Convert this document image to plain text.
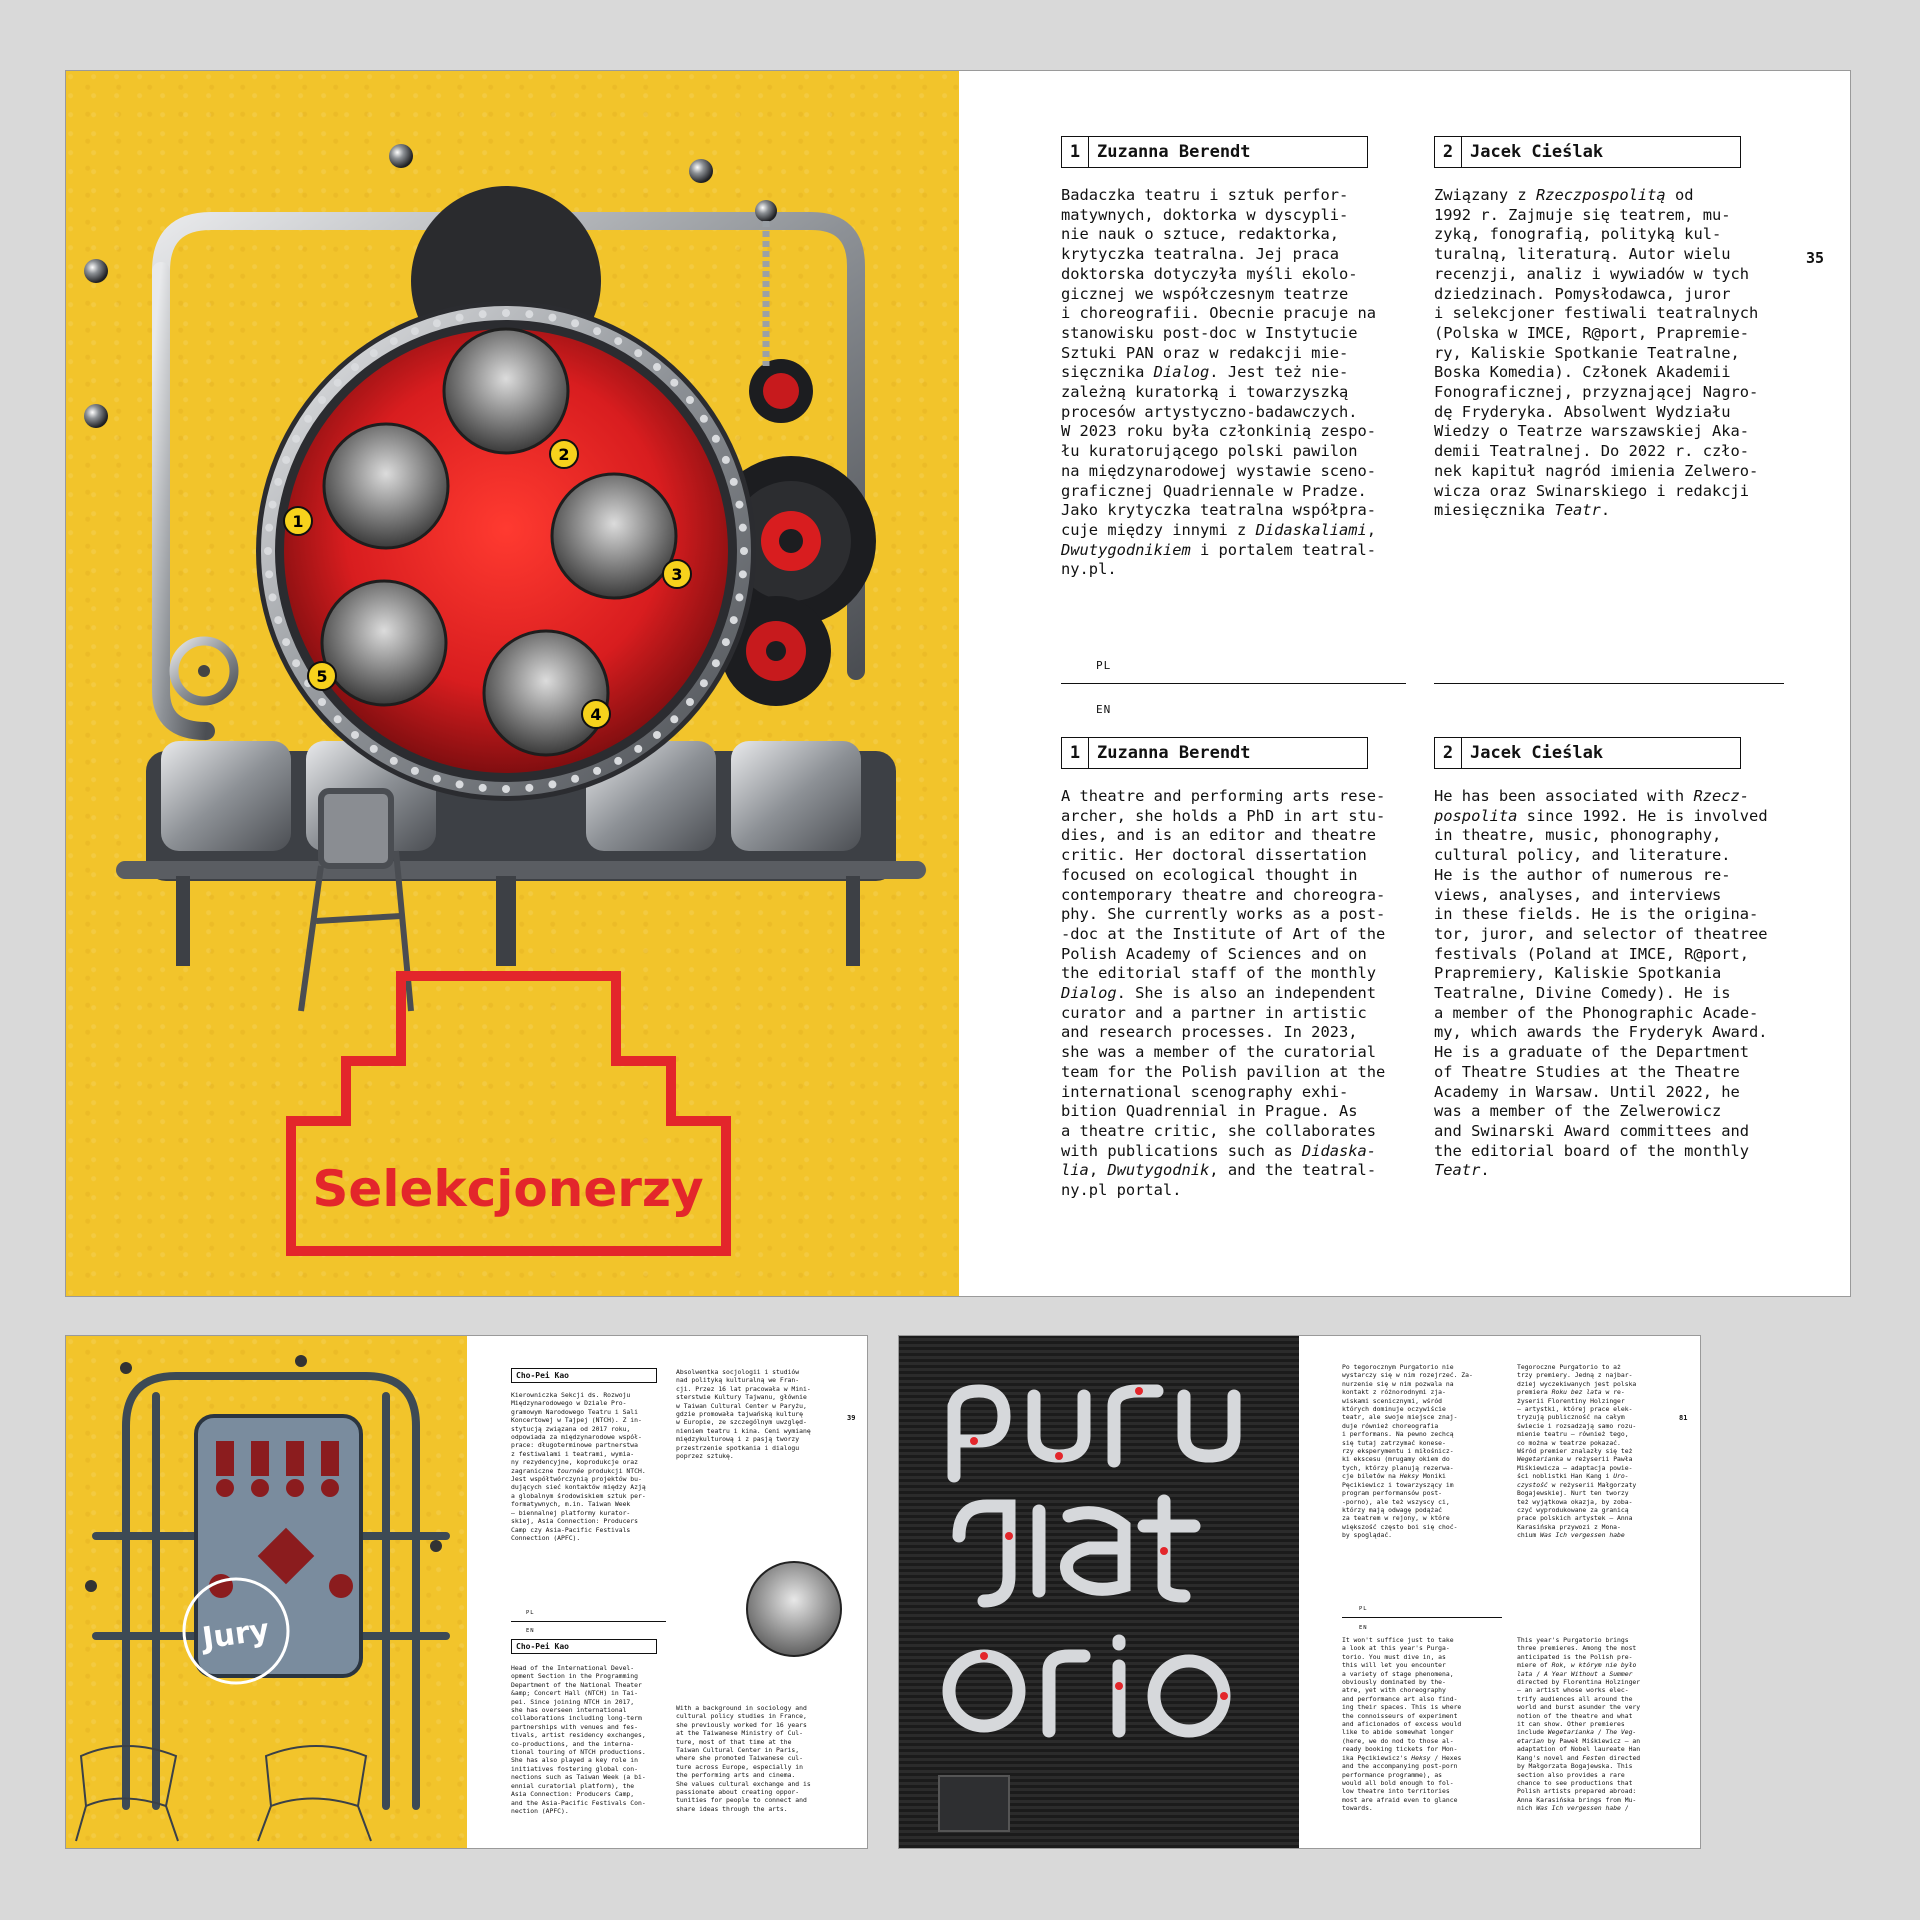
1
2
3
4
5
Selekcjonerzy
35
1 Zuzanna Berendt	2 Jacek Cieślak
Badaczka teatru i sztuk perfor-
matywnych, doktorka w dyscypli-
nie nauk o sztuce, redaktorka,
krytyczka teatralna. Jej praca
doktorska dotyczyła myśli ekolo-
gicznej we współczesnym teatrze
i choreografii. Obecnie pracuje na
stanowisku post-doc w Instytucie
Sztuki PAN oraz w redakcji mie-
sięcznika Dialog. Jest też nie-
zależną kuratorką i towarzyszką
procesów artystyczno-badawczych.
W 2023 roku była członkinią zespo-
łu kuratorującego polski pawilon
na międzynarodowej wystawie sceno-
graficznej Quadriennale w Pradze.
Jako krytyczka teatralna współpra-
cuje między innymi z Didaskaliami,
Dwutygodnikiem i portalem teatral-
ny.pl.
Związany z Rzeczpospolitą od
1992 r. Zajmuje się teatrem, mu-
zyką, fonografią, polityką kul-
turalną, literaturą. Autor wielu
recenzji, analiz i wywiadów w tych
dziedzinach. Pomysłodawca, juror
i selekcjoner festiwali teatralnych
(Polska w IMCE, R@port, Prapremie-
ry, Kaliskie Spotkanie Teatralne,
Boska Komedia). Członek Akademii
Fonograficznej, przyznającej Nagro-
dę Fryderyka. Absolwent Wydziału
Wiedzy o Teatrze warszawskiej Aka-
demii Teatralnej. Do 2022 r. czło-
nek kapituł nagród imienia Zelwero-
wicza oraz Swinarskiego i redakcji
miesięcznika Teatr.
PL
EN
1 Zuzanna Berendt	2 Jacek Cieślak
A theatre and performing arts rese-
archer, she holds a PhD in art stu-
dies, and is an editor and theatre
critic. Her doctoral dissertation
focused on ecological thought in
contemporary theatre and choreogra-
phy. She currently works as a post-
-doc at the Institute of Art of the
Polish Academy of Sciences and on
the editorial staff of the monthly
Dialog. She is also an independent
curator and a partner in artistic
and research processes. In 2023,
she was a member of the curatorial
team for the Polish pavilion at the
international scenography exhi-
bition Quadrennial in Prague. As
a theatre critic, she collaborates
with publications such as Didaska-
lia, Dwutygodnik, and the teatral-
ny.pl portal.
He has been associated with Rzecz-
pospolita since 1992. He is involved
in theatre, music, phonography,
cultural policy, and literature.
He is the author of numerous re-
views, analyses, and interviews
in these fields. He is the origina-
tor, juror, and selector of theatree
festivals (Poland at IMCE, R@port,
Prapremiery, Kaliskie Spotkania
Teatralne, Divine Comedy). He is
a member of the Phonographic Acade-
my, which awards the Fryderyk Award.
He is a graduate of the Department
of Theatre Studies at the Theatre
Academy in Warsaw. Until 2022, he
was a member of the Zelwerowicz
and Swinarski Award committees and
the editorial board of the monthly
Teatr.
Jury
39
Cho-Pei Kao
Kierowniczka Sekcji ds. Rozwoju
Międzynarodowego w Dziale Pro-
gramowym Narodowego Teatru i Sali
Koncertowej w Tajpej (NTCH). Z in-
stytucją związana od 2017 roku,
odpowiada za międzynarodowe współ-
prace: długoterminowe partnerstwa
z festiwalami i teatrami, wymia-
ny rezydencyjne, koprodukcje oraz
zagraniczne tournée produkcji NTCH.
Jest współtwórczynią projektów bu-
dujących sieć kontaktów między Azją
a globalnym środowiskiem sztuk per-
formatywnych, m.in. Taiwan Week
– biennalnej platformy kurator-
skiej, Asia Connection: Producers
Camp czy Asia-Pacific Festivals
Connection (APFC).
Absolwentka socjologii i studiów
nad polityką kulturalną we Fran-
cji. Przez 16 lat pracowała w Mini-
sterstwie Kultury Tajwanu, głównie
w Taiwan Cultural Center w Paryżu,
gdzie promowała tajwańską kulturę
w Europie, ze szczególnym uwzględ-
nieniem teatru i kina. Ceni wymianę
międzykulturową i z pasją tworzy
przestrzenie spotkania i dialogu
poprzez sztukę.
PL
EN
Cho-Pei Kao
Head of the International Devel-
opment Section in the Programming
Department of the National Theater
&amp; Concert Hall (NTCH) in Tai-
pei. Since joining NTCH in 2017,
she has overseen international
collaborations including long-term
partnerships with venues and fes-
tivals, artist residency exchanges,
co-productions, and the interna-
tional touring of NTCH productions.
She has also played a key role in
initiatives fostering global con-
nections such as Taiwan Week (a bi-
ennial curatorial platform), the
Asia Connection: Producers Camp,
and the Asia-Pacific Festivals Con-
nection (APFC).
With a background in sociology and
cultural policy studies in France,
she previously worked for 16 years
at the Taiwanese Ministry of Cul-
ture, most of that time at the
Taiwan Cultural Center in Paris,
where she promoted Taiwanese cul-
ture across Europe, especially in
the performing arts and cinema.
She values cultural exchange and is
passionate about creating oppor-
tunities for people to connect and
share ideas through the arts.
81
Po tegorocznym Purgatorio nie
wystarczy się w nim rozejrzeć. Za-
nurzenie się w nim pozwala na
kontakt z różnorodnymi zja-
wiskami scenicznymi, wśród
których dominuje oczywiście
teatr, ale swoje miejsce znaj-
duje również choreografia
i performans. Na pewno zechcą
się tutaj zatrzymać konese-
rzy eksperymentu i miłośnicz-
ki ekscesu (mrugamy okiem do
tych, którzy planują rezerwa-
cje biletów na Heksy Moniki
Pęcikiewicz i towarzyszący im
program performansów post-
-porno), ale też wszyscy ci,
którzy mają odwagę podążać
za teatrem w rejony, w które
większość często boi się choć-
by spoglądać.
Tegoroczne Purgatorio to aż
trzy premiery. Jedną z najbar-
dziej wyczekiwanych jest polska
premiera Roku bez lata w re-
żyserii Florentiny Holzinger
– artystki, której prace elek-
tryzują publiczność na całym
świecie i rozsadzają samo rozu-
mienie teatru – również tego,
co można w teatrze pokazać.
Wśród premier znalazły się też
Wegetarianka w reżyserii Pawła
Miśkiewicza – adaptacja powie-
ści noblistki Han Kang i Uro-
czystość w reżyserii Małgorzaty
Bogajewskiej. Nurt ten tworzy
też wyjątkowa okazja, by zoba-
czyć wyprodukowane za granicą
prace polskich artystek – Anna
Karasińska przywozi z Mona-
chium Was Ich vergessen habe
PL
EN
It won't suffice just to take
a look at this year's Purga-
torio. You must dive in, as
this will let you encounter
a variety of stage phenomena,
obviously dominated by the-
atre, yet with choreography
and performance art also find-
ing their spaces. This is where
the connoisseurs of experiment
and aficionados of excess would
like to abide somewhat longer
(here, we do nod to those al-
ready booking tickets for Mon-
ika Pęcikiewicz's Heksy / Hexes
and the accompanying post-porn
performance programme), as
would all bold enough to fol-
low theatre into territories
most are afraid even to glance
towards.
This year's Purgatorio brings
three premieres. Among the most
anticipated is the Polish pre-
miere of Rok, w którym nie było
lata / A Year Without a Summer
directed by Florentina Holzinger
– an artist whose works elec-
trify audiences all around the
world and burst asunder the very
notion of the theatre and what
it can show. Other premieres
include Wegetarianka / The Veg-
etarian by Paweł Miśkiewicz – an
adaptation of Nobel laureate Han
Kang's novel and Festen directed
by Małgorzata Bogajewska. This
section also provides a rare
chance to see productions that
Polish artists prepared abroad:
Anna Karasińska brings from Mu-
nich Was Ich vergessen habe /
